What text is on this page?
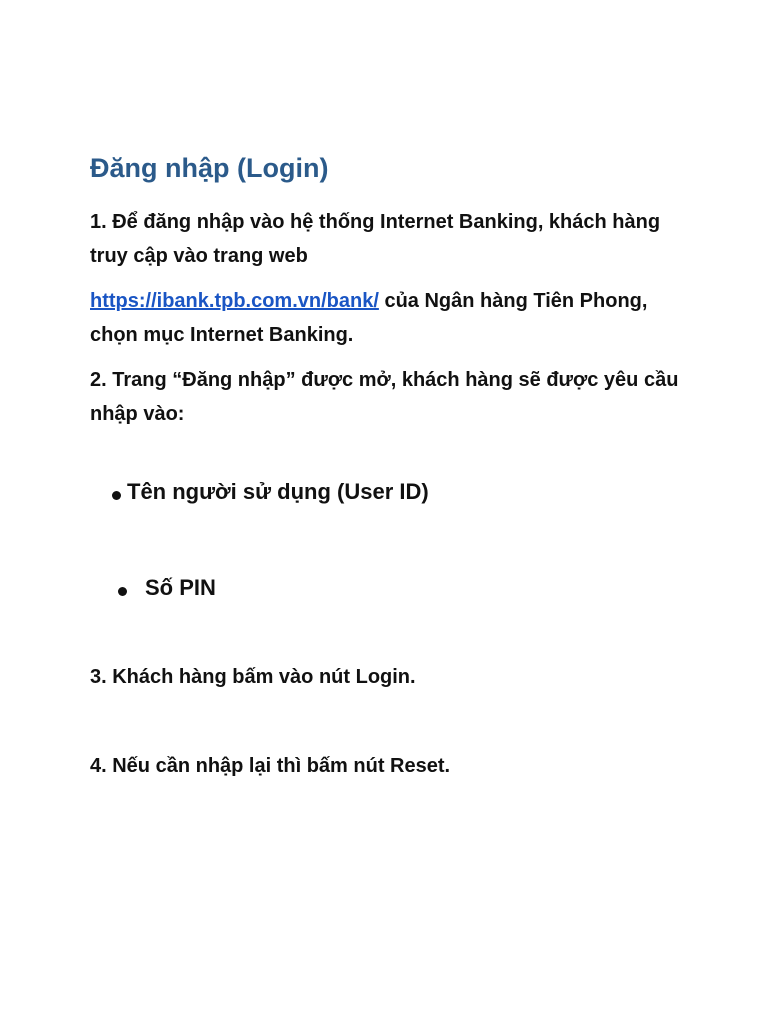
Đăng nhập (Login)

1. Để đăng nhập vào hệ thống Internet Banking, khách hàng truy cập vào trang web

https://ibank.tpb.com.vn/bank/ của Ngân hàng Tiên Phong, chọn mục Internet Banking.

2. Trang “Đăng nhập” được mở, khách hàng sẽ được yêu cầu nhập vào:

Tên người sử dụng (User ID)
Số PIN

3. Khách hàng bấm vào nút Login.

4. Nếu cần nhập lại thì bấm nút Reset.
